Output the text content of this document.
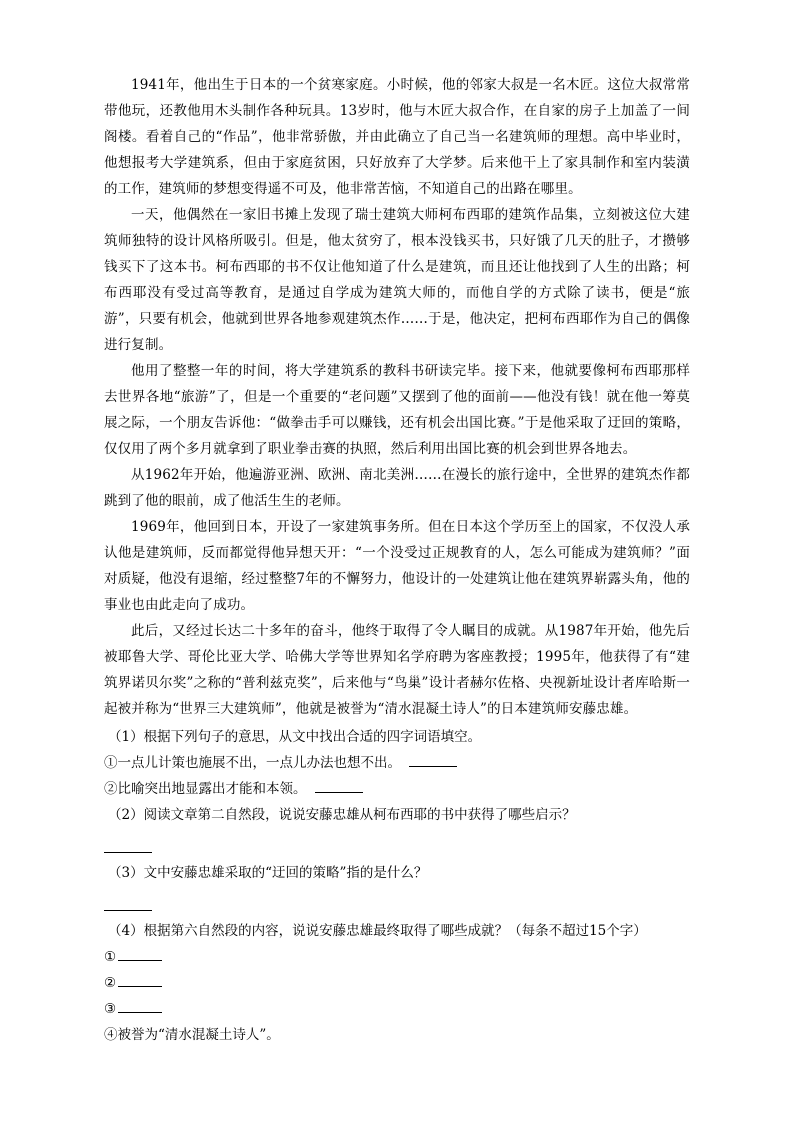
1941年，他出生于日本的一个贫寒家庭。小时候，他的邻家大叔是一名木匠。这位大叔常常带他玩，还教他用木头制作各种玩具。13岁时，他与木匠大叔合作，在自家的房子上加盖了一间阁楼。看着自己的“作品”，他非常骄傲，并由此确立了自己当一名建筑师的理想。高中毕业时，他想报考大学建筑系，但由于家庭贫困，只好放弃了大学梦。后来他干上了家具制作和室内装潢的工作，建筑师的梦想变得遥不可及，他非常苦恼，不知道自己的出路在哪里。

一天，他偶然在一家旧书摊上发现了瑞士建筑大师柯布西耶的建筑作品集，立刻被这位大建筑师独特的设计风格所吸引。但是，他太贫穷了，根本没钱买书，只好饿了几天的肚子，才攒够钱买下了这本书。柯布西耶的书不仅让他知道了什么是建筑，而且还让他找到了人生的出路；柯布西耶没有受过高等教育，是通过自学成为建筑大师的，而他自学的方式除了读书，便是“旅游”，只要有机会，他就到世界各地参观建筑杰作……于是，他决定，把柯布西耶作为自己的偶像进行复制。

他用了整整一年的时间，将大学建筑系的教科书研读完毕。接下来，他就要像柯布西耶那样去世界各地“旅游”了，但是一个重要的“老问题”又摆到了他的面前——他没有钱！就在他一筹莫展之际，一个朋友告诉他：“做拳击手可以赚钱，还有机会出国比赛。”于是他采取了迂回的策略，仅仅用了两个多月就拿到了职业拳击赛的执照，然后利用出国比赛的机会到世界各地去。

从1962年开始，他遍游亚洲、欧洲、南北美洲……在漫长的旅行途中，全世界的建筑杰作都跳到了他的眼前，成了他活生生的老师。

1969年，他回到日本，开设了一家建筑事务所。但在日本这个学历至上的国家，不仅没人承认他是建筑师，反而都觉得他异想天开：“一个没受过正规教育的人，怎么可能成为建筑师？”面对质疑，他没有退缩，经过整整7年的不懈努力，他设计的一处建筑让他在建筑界崭露头角，他的事业也由此走向了成功。

此后，又经过长达二十多年的奋斗，他终于取得了令人瞩目的成就。从1987年开始，他先后被耶鲁大学、哥伦比亚大学、哈佛大学等世界知名学府聘为客座教授；1995年，他获得了有“建筑界诺贝尔奖”之称的“普利兹克奖”，后来他与“鸟巢”设计者赫尔佐格、央视新址设计者库哈斯一起被并称为“世界三大建筑师”，他就是被誉为“清水混凝土诗人”的日本建筑师安藤忠雄。

（1）根据下列句子的意思，从文中找出合适的四字词语填空。

①一点儿计策也施展不出，一点儿办法也想不出。

②比喻突出地显露出才能和本领。

（2）阅读文章第二自然段，说说安藤忠雄从柯布西耶的书中获得了哪些启示？

（3）文中安藤忠雄采取的“迂回的策略”指的是什么？

（4）根据第六自然段的内容，说说安藤忠雄最终取得了哪些成就？（每条不超过15个字）

①

②

③

④被誉为“清水混凝土诗人”。
